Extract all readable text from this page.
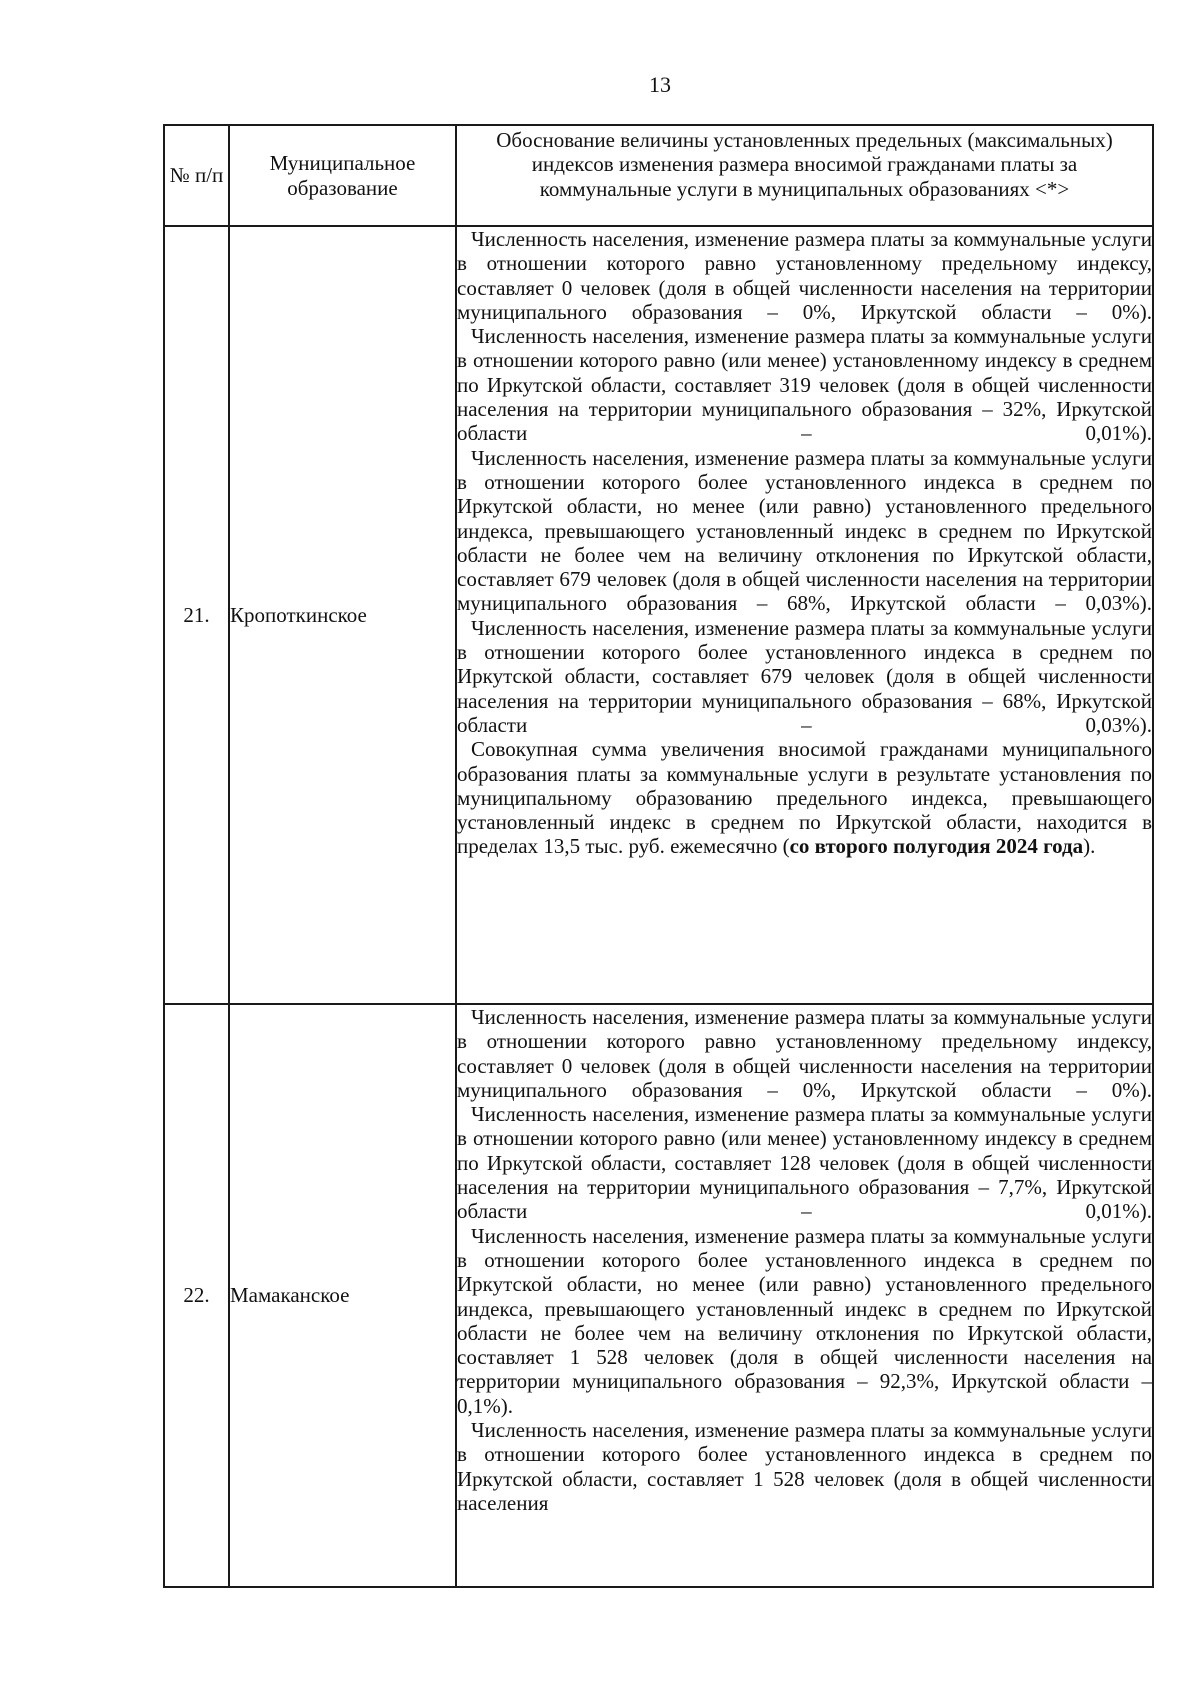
13
№ п/п	Муниципальное образование	Обоснование величины установленных предельных (максимальных) индексов изменения размера вносимой гражданами платы за коммунальные услуги в муниципальных образованиях <*>
21.	Кропоткинское	Численность населения, изменение размера платы за коммунальные услуги в отношении которого равно установленному предельному индексу, составляет 0 человек (доля в общей численности населения на территории муниципального образования – 0%, Иркутской области – 0%).

Численность населения, изменение размера платы за коммунальные услуги в отношении которого равно (или менее) установленному индексу в среднем по Иркутской области, составляет 319 человек (доля в общей численности населения на территории муниципального образования – 32%, Иркутской области – 0,01%).

Численность населения, изменение размера платы за коммунальные услуги в отношении которого более установленного индекса в среднем по Иркутской области, но менее (или равно) установленного предельного индекса, превышающего установленный индекс в среднем по Иркутской области не более чем на величину отклонения по Иркутской области, составляет 679 человек (доля в общей численности населения на территории муниципального образования – 68%, Иркутской области – 0,03%).

Численность населения, изменение размера платы за коммунальные услуги в отношении которого более установленного индекса в среднем по Иркутской области, составляет 679 человек (доля в общей численности населения на территории муниципального образования – 68%, Иркутской области – 0,03%).

Совокупная сумма увеличения вносимой гражданами муниципального образования платы за коммунальные услуги в результате установления по муниципальному образованию предельного индекса, превышающего установленный индекс в среднем по Иркутской области, находится в пределах 13,5 тыс. руб. ежемесячно (со второго полугодия 2024 года).

22.	Мамаканское	Численность населения, изменение размера платы за коммунальные услуги в отношении которого равно установленному предельному индексу, составляет 0 человек (доля в общей численности населения на территории муниципального образования – 0%, Иркутской области – 0%).

Численность населения, изменение размера платы за коммунальные услуги в отношении которого равно (или менее) установленному индексу в среднем по Иркутской области, составляет 128 человек (доля в общей численности населения на территории муниципального образования – 7,7%, Иркутской области – 0,01%).

Численность населения, изменение размера платы за коммунальные услуги в отношении которого более установленного индекса в среднем по Иркутской области, но менее (или равно) установленного предельного индекса, превышающего установленный индекс в среднем по Иркутской области не более чем на величину отклонения по Иркутской области, составляет 1 528 человек (доля в общей численности населения на территории муниципального образования – 92,3%, Иркутской области – 0,1%).

Численность населения, изменение размера платы за коммунальные услуги в отношении которого более установленного индекса в среднем по Иркутской области, составляет 1 528 человек (доля в общей численности населения
